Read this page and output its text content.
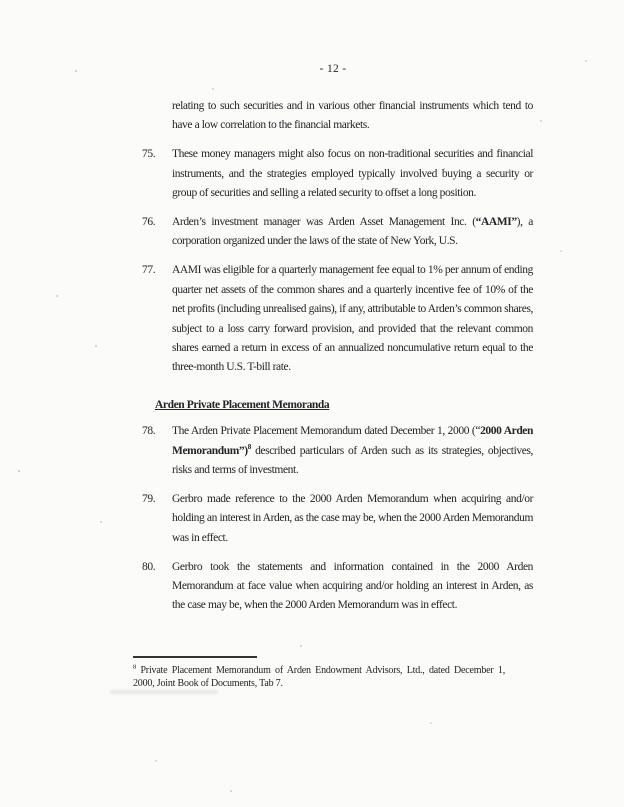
- 12 -
relating to such securities and in various other financial instruments which tend to have a low correlation to the financial markets.
75.	These money managers might also focus on non-traditional securities and financial instruments, and the strategies employed typically involved buying a security or group of securities and selling a related security to offset a long position.
76.	Arden’s investment manager was Arden Asset Management Inc. (“AAMI”), a corporation organized under the laws of the state of New York, U.S.
77.	AAMI was eligible for a quarterly management fee equal to 1% per annum of ending quarter net assets of the common shares and a quarterly incentive fee of 10% of the net profits (including unrealised gains), if any, attributable to Arden’s common shares, subject to a loss carry forward provision, and provided that the relevant common shares earned a return in excess of an annualized noncumulative return equal to the three-month U.S. T-bill rate.
Arden Private Placement Memoranda
78.	The Arden Private Placement Memorandum dated December 1, 2000 (“2000 Arden Memorandum”)$^8$ described particulars of Arden such as its strategies, objectives, risks and terms of investment.
79.	Gerbro made reference to the 2000 Arden Memorandum when acquiring and/or holding an interest in Arden, as the case may be, when the 2000 Arden Memorandum was in effect.
80.	Gerbro took the statements and information contained in the 2000 Arden Memorandum at face value when acquiring and/or holding an interest in Arden, as the case may be, when the 2000 Arden Memorandum was in effect.
$^8$ Private Placement Memorandum of Arden Endowment Advisors, Ltd., dated December 1, 2000, Joint Book of Documents, Tab 7.
